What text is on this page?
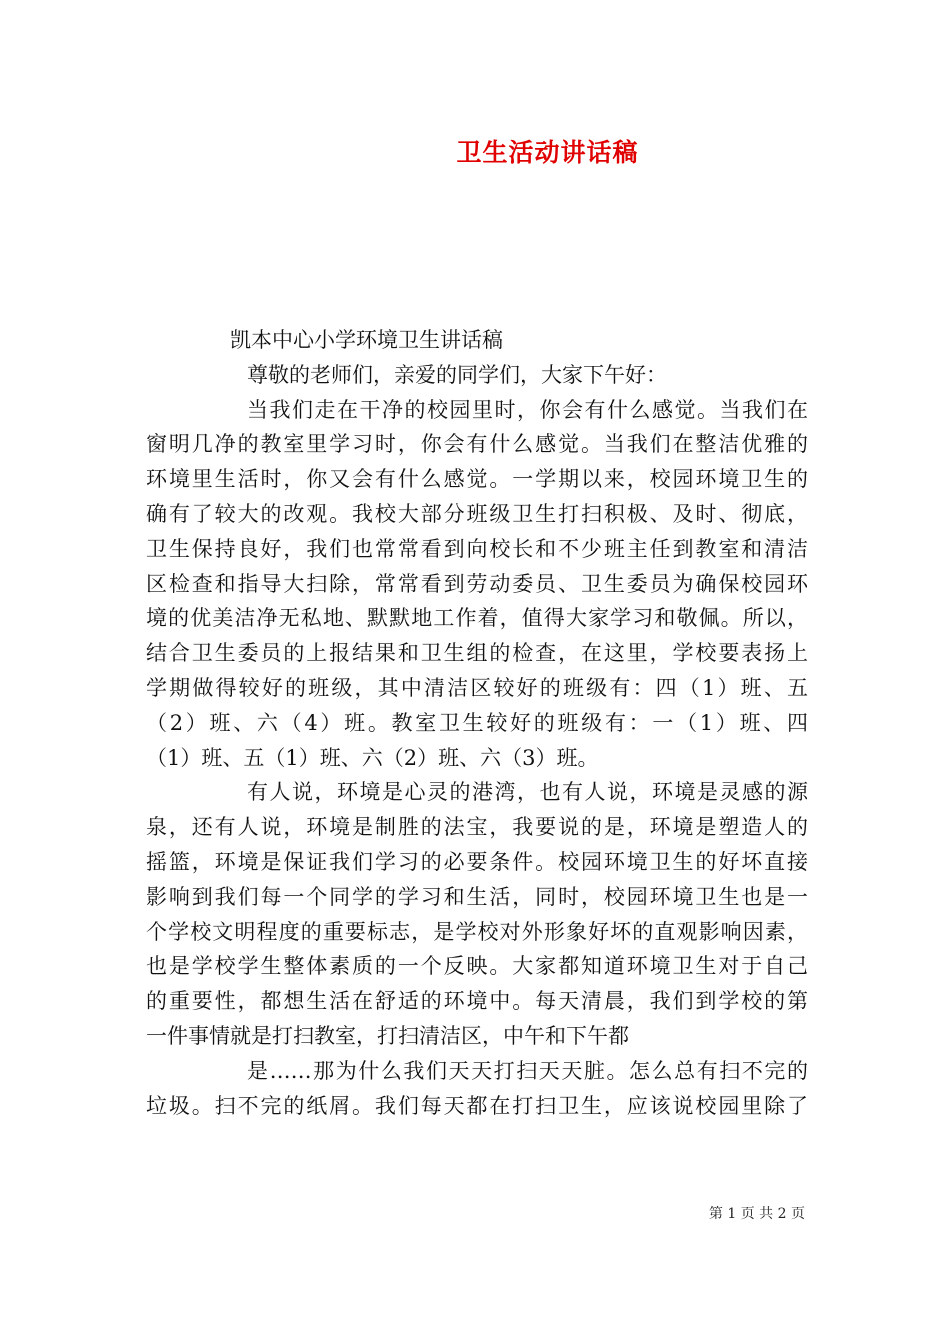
卫生活动讲话稿
凯本中心小学环境卫生讲话稿
尊敬的老师们，亲爱的同学们，大家下午好：
当我们走在干净的校园里时，你会有什么感觉。当我们在
窗明几净的教室里学习时，你会有什么感觉。当我们在整洁优雅的
环境里生活时，你又会有什么感觉。一学期以来，校园环境卫生的
确有了较大的改观。我校大部分班级卫生打扫积极、及时、彻底，
卫生保持良好，我们也常常看到向校长和不少班主任到教室和清洁
区检查和指导大扫除，常常看到劳动委员、卫生委员为确保校园环
境的优美洁净无私地、默默地工作着，值得大家学习和敬佩。所以，
结合卫生委员的上报结果和卫生组的检查，在这里，学校要表扬上
学期做得较好的班级，其中清洁区较好的班级有：四（1）班、五
（2）班、六（4）班。教室卫生较好的班级有：一（1）班、四
（1）班、五（1）班、六（2）班、六（3）班。
有人说，环境是心灵的港湾，也有人说，环境是灵感的源
泉，还有人说，环境是制胜的法宝，我要说的是，环境是塑造人的
摇篮，环境是保证我们学习的必要条件。校园环境卫生的好坏直接
影响到我们每一个同学的学习和生活，同时，校园环境卫生也是一
个学校文明程度的重要标志，是学校对外形象好坏的直观影响因素，
也是学校学生整体素质的一个反映。大家都知道环境卫生对于自己
的重要性，都想生活在舒适的环境中。每天清晨，我们到学校的第
一件事情就是打扫教室，打扫清洁区，中午和下午都
是……那为什么我们天天打扫天天脏。怎么总有扫不完的
垃圾。扫不完的纸屑。我们每天都在打扫卫生，应该说校园里除了
第 1 页 共 2 页
